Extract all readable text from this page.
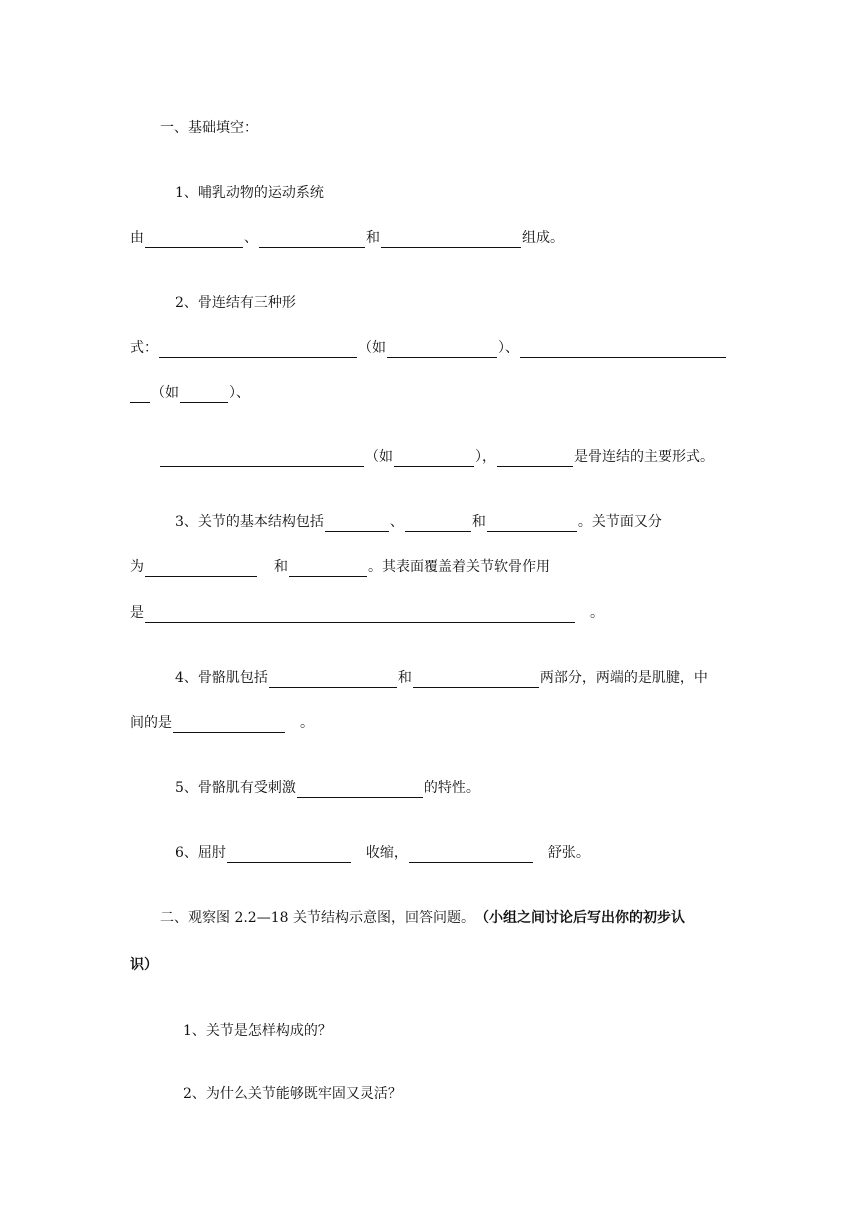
一、基础填空：
1、哺乳动物的运动系统
由	、	和	组成。
2、骨连结有三种形
式：	（如	）、
（如	）、
（如	），	是骨连结的主要形式。
3、关节的基本结构包括	、	和	。关节面又分
为	和	。其表面覆盖着关节软骨作用
是	。
4、骨骼肌包括	和	两部分，两端的是肌腱，中
间的是	。
5、骨骼肌有受刺激	的特性。
6、屈肘	收缩，	舒张。
二、观察图 2.2—18 关节结构示意图，回答问题。 （小组之间讨论后写出你的初步认
识）
1、关节是怎样构成的？
2、为什么关节能够既牢固又灵活？
